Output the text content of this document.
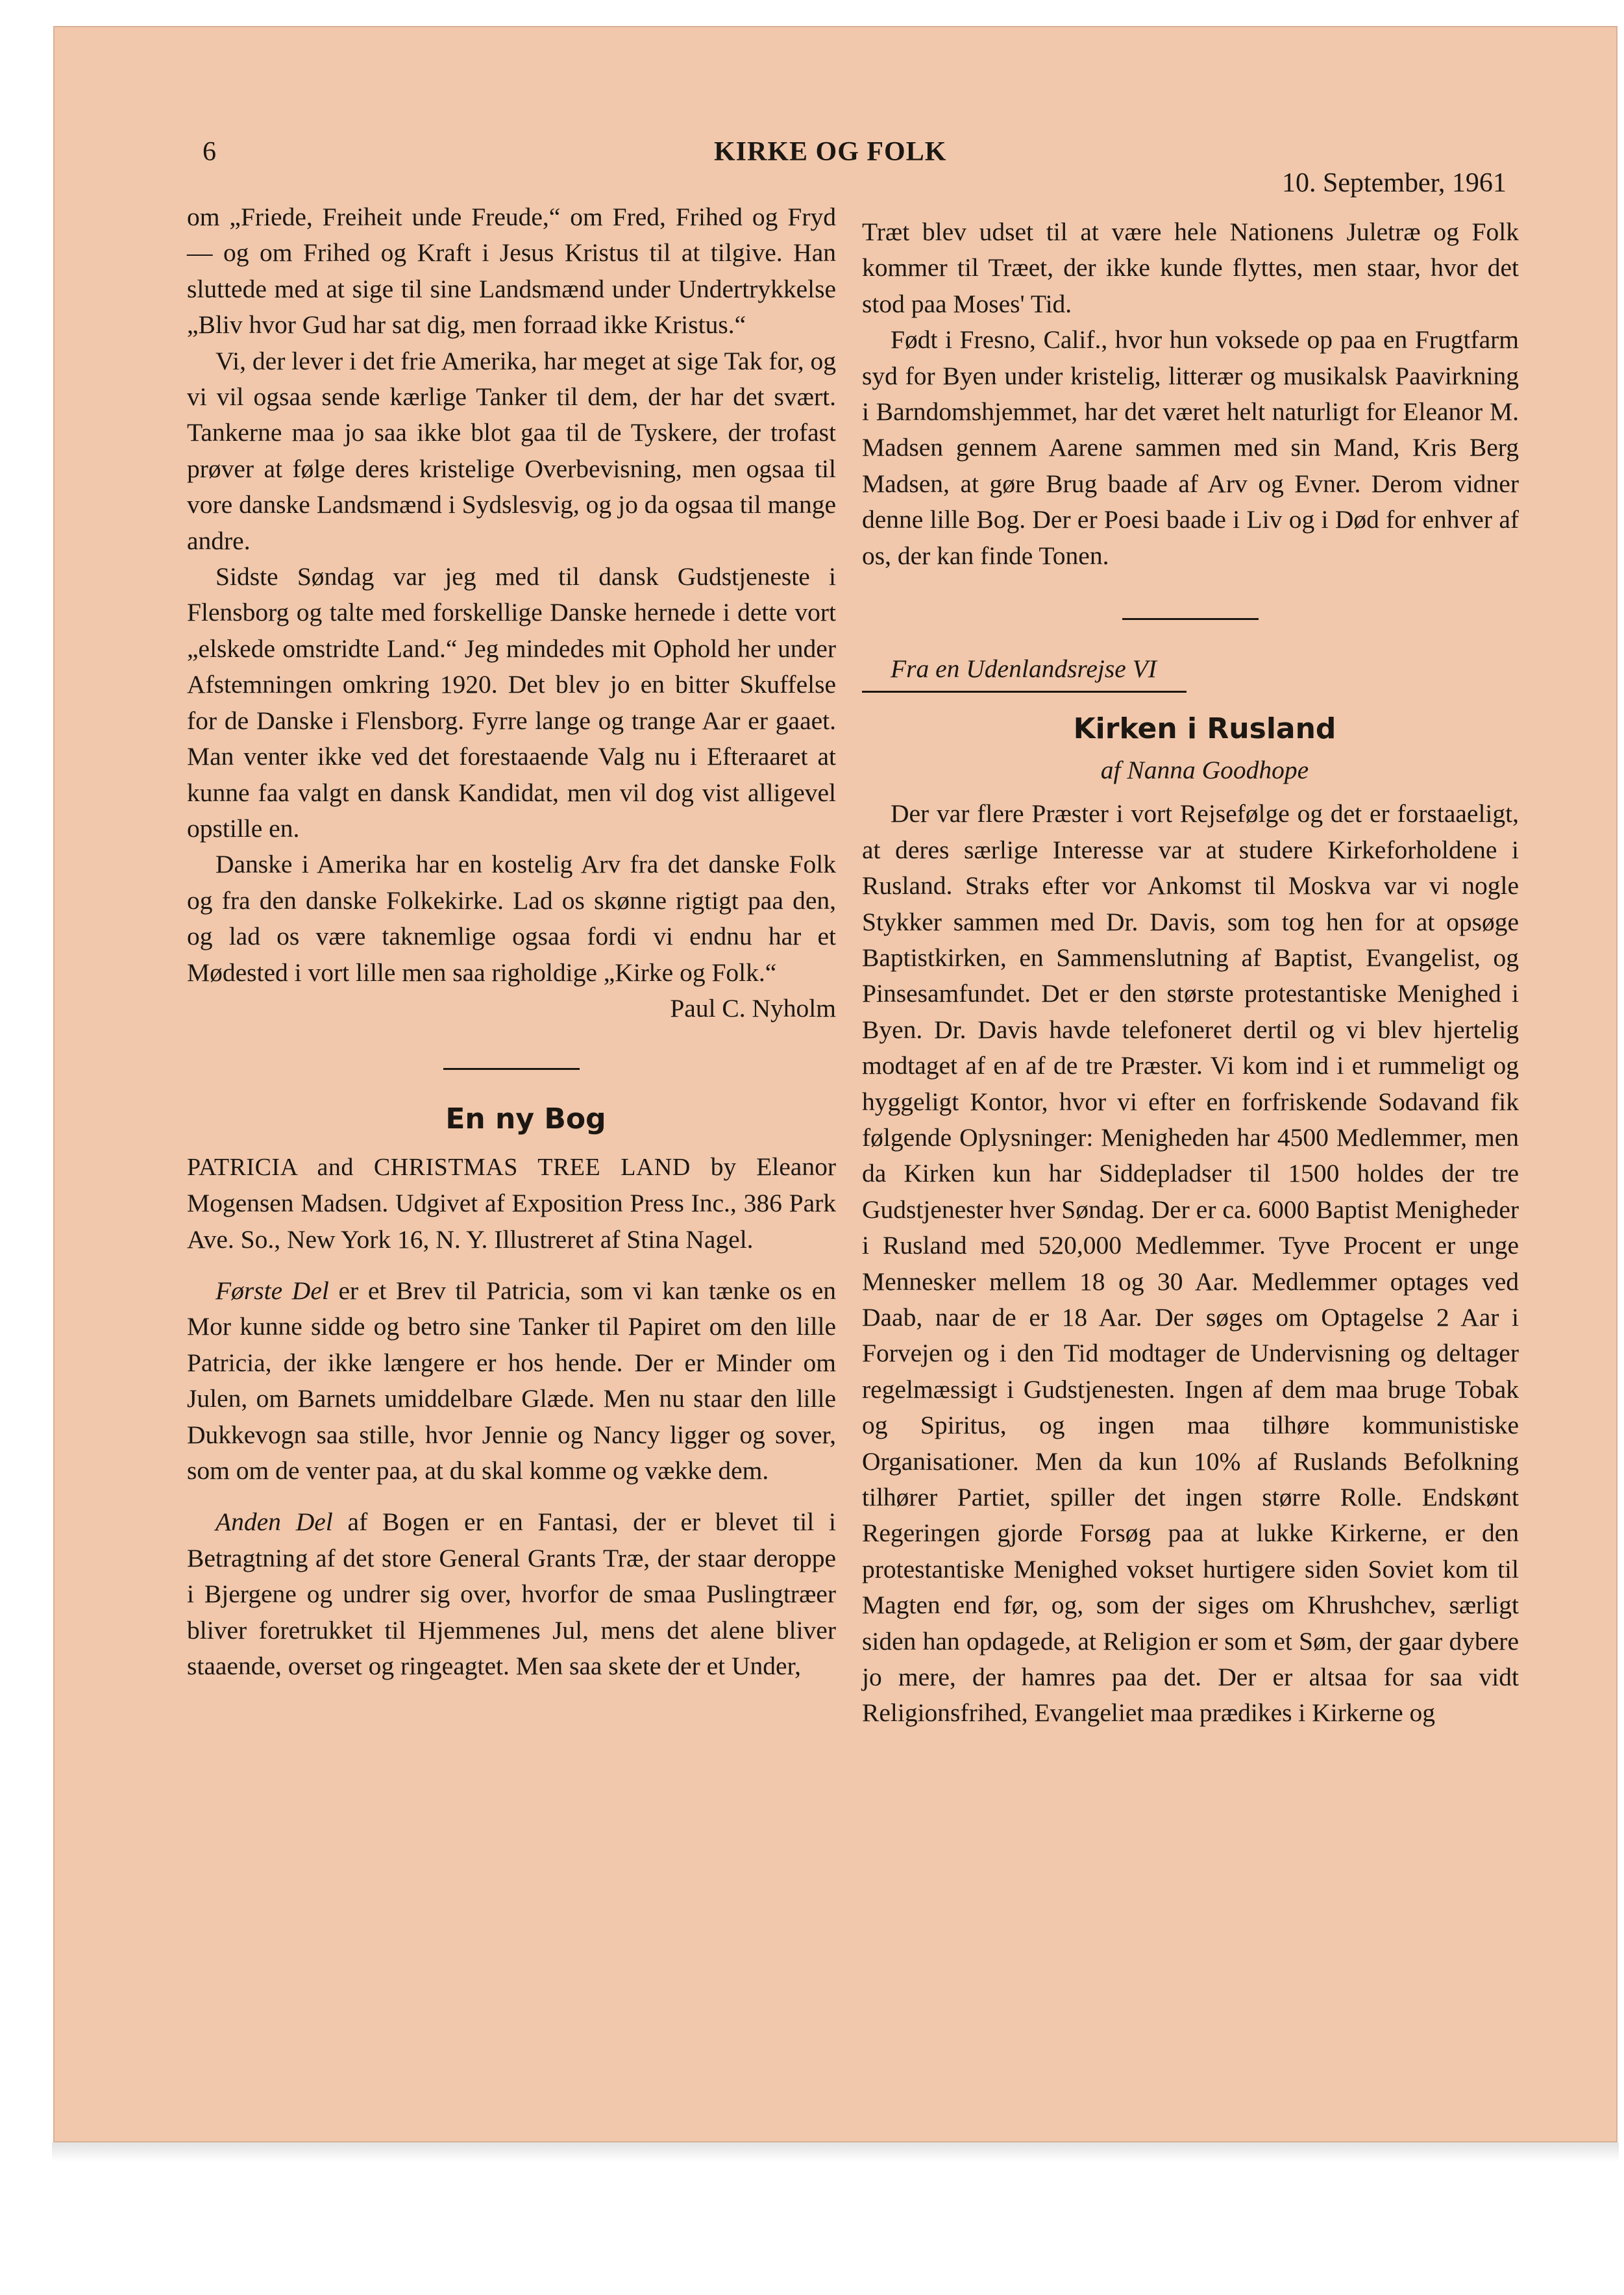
6	KIRKE OG FOLK
10. September, 1961

om „Friede, Freiheit unde Freude,“ om Fred, Frihed og Fryd — og om Frihed og Kraft i Jesus Kristus til at tilgive. Han sluttede med at sige til sine Landsmænd under Undertrykkelse „Bliv hvor Gud har sat dig, men forraad ikke Kristus.“

Vi, der lever i det frie Amerika, har meget at sige Tak for, og vi vil ogsaa sende kærlige Tanker til dem, der har det svært. Tankerne maa jo saa ikke blot gaa til de Tyskere, der trofast prøver at følge deres kristelige Overbevisning, men ogsaa til vore danske Landsmænd i Sydslesvig, og jo da ogsaa til mange andre.

Sidste Søndag var jeg med til dansk Gudstjeneste i Flensborg og talte med forskellige Danske hernede i dette vort „elskede omstridte Land.“ Jeg mindedes mit Ophold her under Afstemningen omkring 1920. Det blev jo en bitter Skuffelse for de Danske i Flensborg. Fyrre lange og trange Aar er gaaet. Man venter ikke ved det forestaaende Valg nu i Efteraaret at kunne faa valgt en dansk Kandidat, men vil dog vist alligevel opstille en.

Danske i Amerika har en kostelig Arv fra det danske Folk og fra den danske Folkekirke. Lad os skønne rigtigt paa den, og lad os være taknemlige ogsaa fordi vi endnu har et Mødested i vort lille men saa righoldige „Kirke og Folk.“

Paul C. Nyholm

En ny Bog

PATRICIA and CHRISTMAS TREE LAND by Eleanor Mogensen Madsen. Udgivet af Exposition Press Inc., 386 Park Ave. So., New York 16, N. Y. Illustreret af Stina Nagel.

Første Del er et Brev til Patricia, som vi kan tænke os en Mor kunne sidde og betro sine Tanker til Papiret om den lille Patricia, der ikke længere er hos hende. Der er Minder om Julen, om Barnets umiddelbare Glæde. Men nu staar den lille Dukkevogn saa stille, hvor Jennie og Nancy ligger og sover, som om de venter paa, at du skal komme og vække dem.

Anden Del af Bogen er en Fantasi, der er blevet til i Betragtning af det store General Grants Træ, der staar deroppe i Bjergene og undrer sig over, hvorfor de smaa Puslingtræer bliver foretrukket til Hjemmenes Jul, mens det alene bliver staaende, overset og ringeagtet. Men saa skete der et Under,

Træt blev udset til at være hele Nationens Juletræ og Folk kommer til Træet, der ikke kunde flyttes, men staar, hvor det stod paa Moses' Tid.

Født i Fresno, Calif., hvor hun voksede op paa en Frugtfarm syd for Byen under kristelig, litterær og musikalsk Paavirkning i Barndomshjemmet, har det været helt naturligt for Eleanor M. Madsen gennem Aarene sammen med sin Mand, Kris Berg Madsen, at gøre Brug baade af Arv og Evner. Derom vidner denne lille Bog. Der er Poesi baade i Liv og i Død for enhver af os, der kan finde Tonen.

Fra en Udenlandsrejse VI

Kirken i Rusland

af Nanna Goodhope

Der var flere Præster i vort Rejsefølge og det er forstaaeligt, at deres særlige Interesse var at studere Kirkeforholdene i Rusland. Straks efter vor Ankomst til Moskva var vi nogle Stykker sammen med Dr. Davis, som tog hen for at opsøge Baptistkirken, en Sammenslutning af Baptist, Evangelist, og Pinsesamfundet. Det er den største protestantiske Menighed i Byen. Dr. Davis havde telefoneret dertil og vi blev hjertelig modtaget af en af de tre Præster. Vi kom ind i et rummeligt og hyggeligt Kontor, hvor vi efter en forfriskende Sodavand fik følgende Oplysninger: Menigheden har 4500 Medlemmer, men da Kirken kun har Siddepladser til 1500 holdes der tre Gudstjenester hver Søndag. Der er ca. 6000 Baptist Menigheder i Rusland med 520,000 Medlemmer. Tyve Procent er unge Mennesker mellem 18 og 30 Aar. Medlemmer optages ved Daab, naar de er 18 Aar. Der søges om Optagelse 2 Aar i Forvejen og i den Tid modtager de Undervisning og deltager regelmæssigt i Gudstjenesten. Ingen af dem maa bruge Tobak og Spiritus, og ingen maa tilhøre kommunistiske Organisationer. Men da kun 10% af Ruslands Befolkning tilhører Partiet, spiller det ingen større Rolle. Endskønt Regeringen gjorde Forsøg paa at lukke Kirkerne, er den protestantiske Menighed vokset hurtigere siden Soviet kom til Magten end før, og, som der siges om Khrushchev, særligt siden han opdagede, at Religion er som et Søm, der gaar dybere jo mere, der hamres paa det. Der er altsaa for saa vidt Religionsfrihed, Evangeliet maa prædikes i Kirkerne og
